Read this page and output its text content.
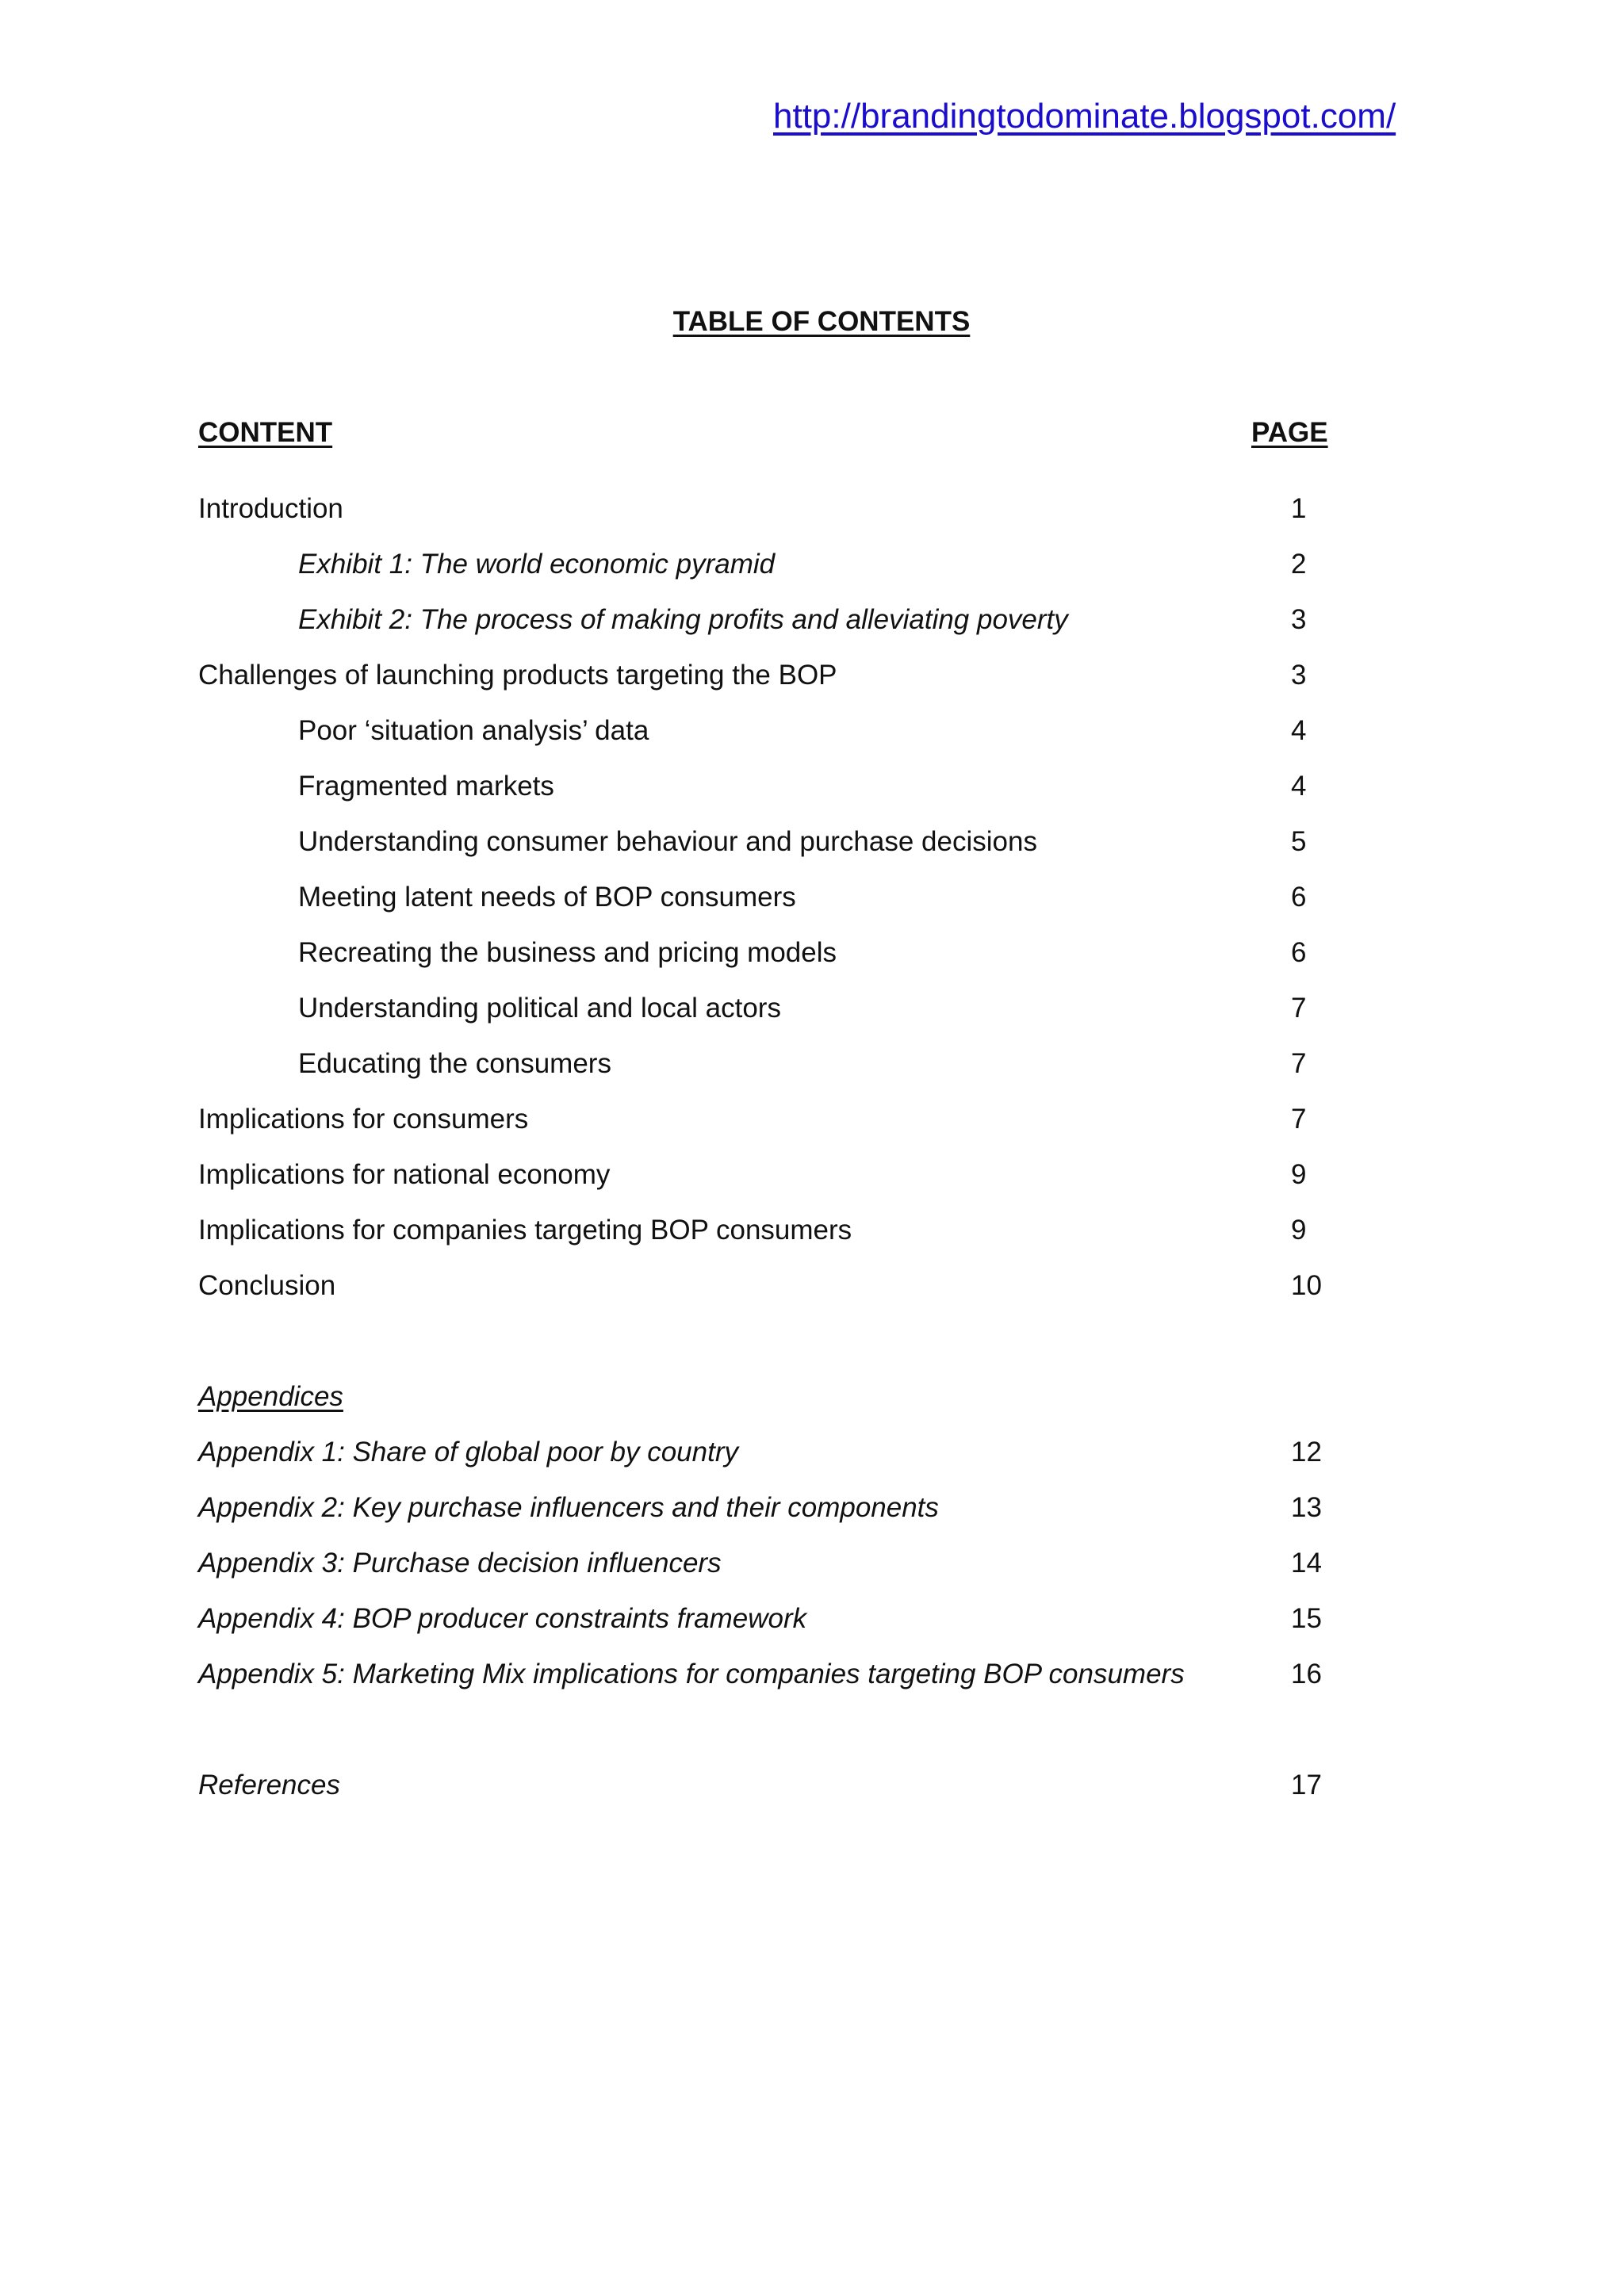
http://brandingtodominate.blogspot.com/
TABLE OF CONTENTS
CONTENT	PAGE
Introduction	1
Exhibit 1: The world economic pyramid	2
Exhibit 2: The process of making profits and alleviating poverty	3
Challenges of launching products targeting the BOP	3
Poor ‘situation analysis’ data	4
Fragmented markets	4
Understanding consumer behaviour and purchase decisions	5
Meeting latent needs of BOP consumers	6
Recreating the business and pricing models	6
Understanding political and local actors	7
Educating the consumers	7
Implications for consumers	7
Implications for national economy	9
Implications for companies targeting BOP consumers	9
Conclusion	10
Appendices
Appendix 1: Share of global poor by country	12
Appendix 2: Key purchase influencers and their components	13
Appendix 3: Purchase decision influencers	14
Appendix 4: BOP producer constraints framework	15
Appendix 5: Marketing Mix implications for companies targeting BOP consumers	16
References	17
